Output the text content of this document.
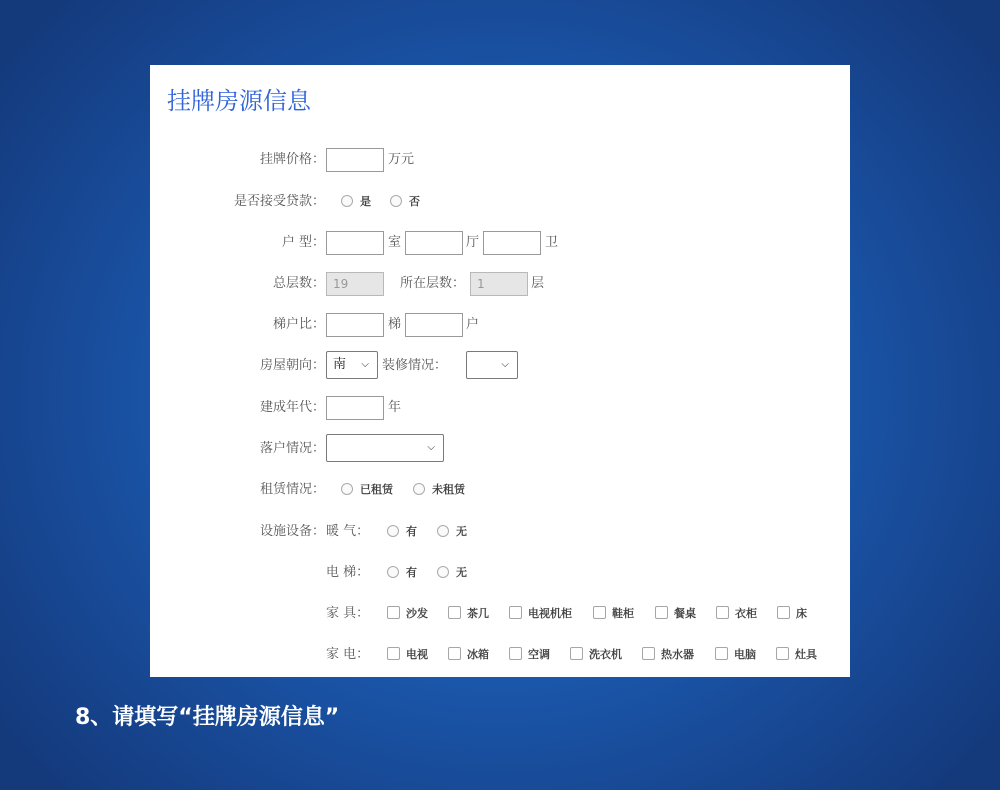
挂牌房源信息
挂牌价格：	万元
是否接受贷款：	是	否
户 型：	室	厅	卫
总层数： 19	所在层数： 1	层
梯户比：	梯	户
房屋朝向： 南 ⌵ 装修情况：	⌵
建成年代：	年
落户情况：	⌵
租赁情况：	已租赁	未租赁
设施设备： 暖 气：	有	无
电 梯：	有	无
家 具：	沙发	茶几	电视机柜	鞋柜	餐桌	衣柜	床
家 电：	电视	冰箱	空调	洗衣机	热水器	电脑	灶具
8、请填写“挂牌房源信息”
